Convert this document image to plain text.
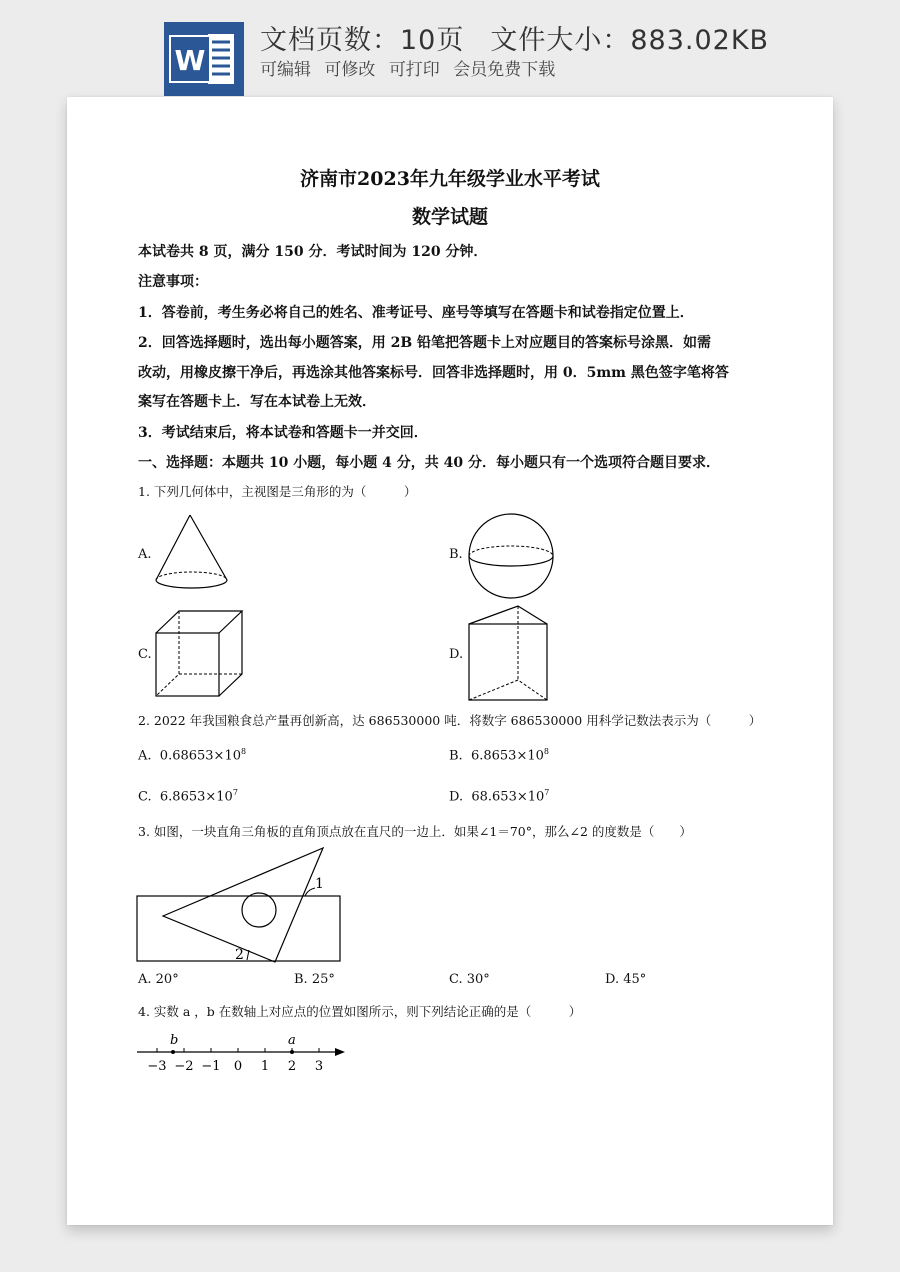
W
文档页数：10页 文件大小：883.02KB
可编辑 可修改 可打印 会员免费下载
济南市2023年九年级学业水平考试
数学试题
本试卷共 8 页，满分 150 分．考试时间为 120 分钟．
注意事项：
1．答卷前，考生务必将自己的姓名、准考证号、座号等填写在答题卡和试卷指定位置上．
2．回答选择题时，选出每小题答案，用 2B 铅笔把答题卡上对应题目的答案标号涂黑．如需
改动，用橡皮擦干净后，再选涂其他答案标号．回答非选择题时，用 0．5mm 黑色签字笔将答
案写在答题卡上．写在本试卷上无效．
3．考试结束后，将本试卷和答题卡一并交回．
一、选择题：本题共 10 小题，每小题 4 分，共 40 分．每小题只有一个选项符合题目要求．
1. 下列几何体中，主视图是三角形的为（　　　）
A.	B.
C.	D.
2. 2022 年我国粮食总产量再创新高，达 686530000 吨．将数字 686530000 用科学记数法表示为（　　　）
A. $0.68653\times 10^8$	B. $6.8653\times 10^8$
C. $6.8653\times 10^7$	D. $68.653\times 10^7$
3. 如图，一块直角三角板的直角顶点放在直尺的一边上．如果∠1＝70°，那么∠2 的度数是（　　）
1
2
A. 20°	B. 25°	C. 30°	D. 45°
4. 实数 a ，b 在数轴上对应点的位置如图所示，则下列结论正确的是（　　　）
b	a
−3 −2 −1 0 1 2 3
